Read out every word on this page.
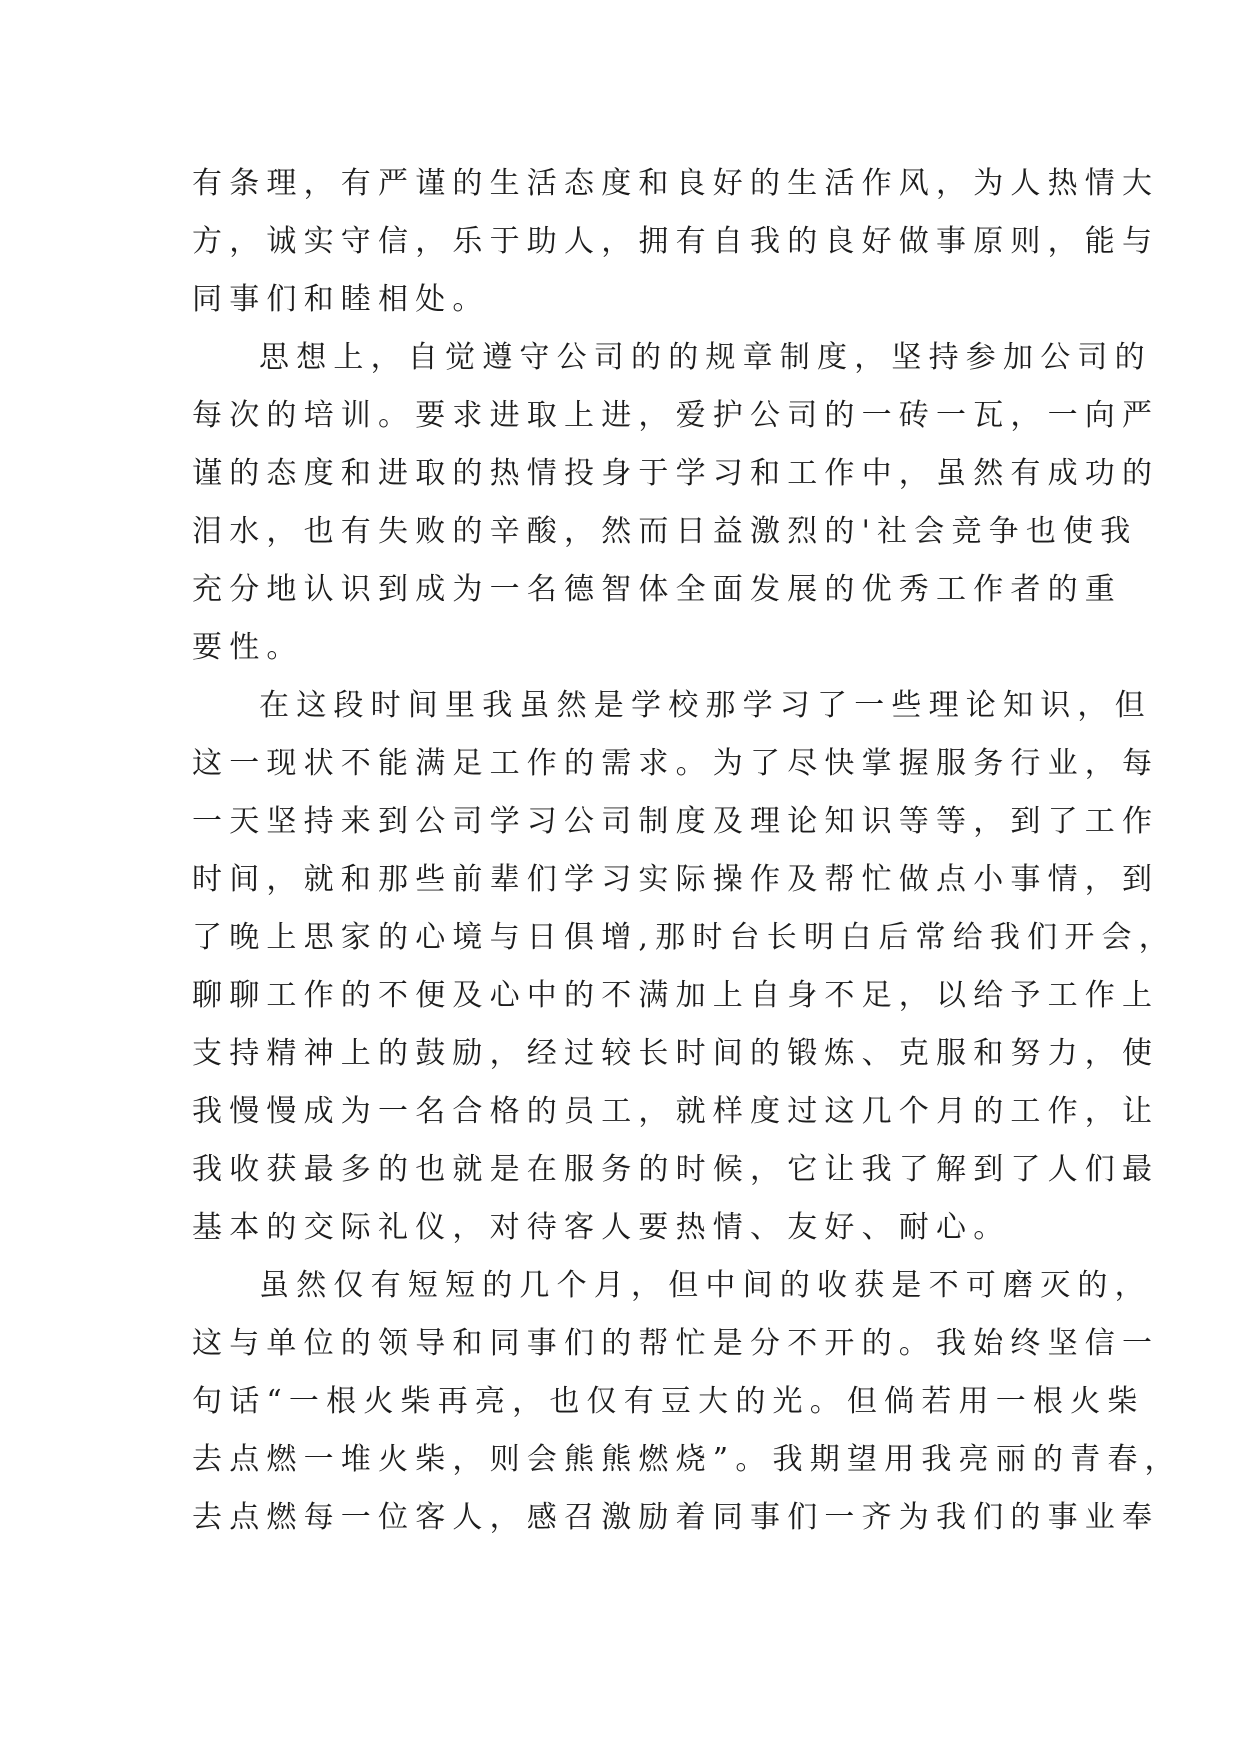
有条理，有严谨的生活态度和良好的生活作风，为人热情大
方，诚实守信，乐于助人，拥有自我的良好做事原则，能与
同事们和睦相处。
思想上，自觉遵守公司的的规章制度，坚持参加公司的
每次的培训。要求进取上进，爱护公司的一砖一瓦，一向严
谨的态度和进取的热情投身于学习和工作中，虽然有成功的
泪水，也有失败的辛酸，然而日益激烈的'社会竞争也使我
充分地认识到成为一名德智体全面发展的优秀工作者的重
要性。
在这段时间里我虽然是学校那学习了一些理论知识，但
这一现状不能满足工作的需求。为了尽快掌握服务行业，每
一天坚持来到公司学习公司制度及理论知识等等，到了工作
时间，就和那些前辈们学习实际操作及帮忙做点小事情，到
了晚上思家的心境与日俱增,那时台长明白后常给我们开会，
聊聊工作的不便及心中的不满加上自身不足，以给予工作上
支持精神上的鼓励，经过较长时间的锻炼、克服和努力，使
我慢慢成为一名合格的员工，就样度过这几个月的工作，让
我收获最多的也就是在服务的时候，它让我了解到了人们最
基本的交际礼仪，对待客人要热情、友好、耐心。
虽然仅有短短的几个月，但中间的收获是不可磨灭的，
这与单位的领导和同事们的帮忙是分不开的。我始终坚信一
句话“一根火柴再亮，也仅有豆大的光。但倘若用一根火柴
去点燃一堆火柴，则会熊熊燃烧”。我期望用我亮丽的青春，
去点燃每一位客人，感召激励着同事们一齐为我们的事业奉
